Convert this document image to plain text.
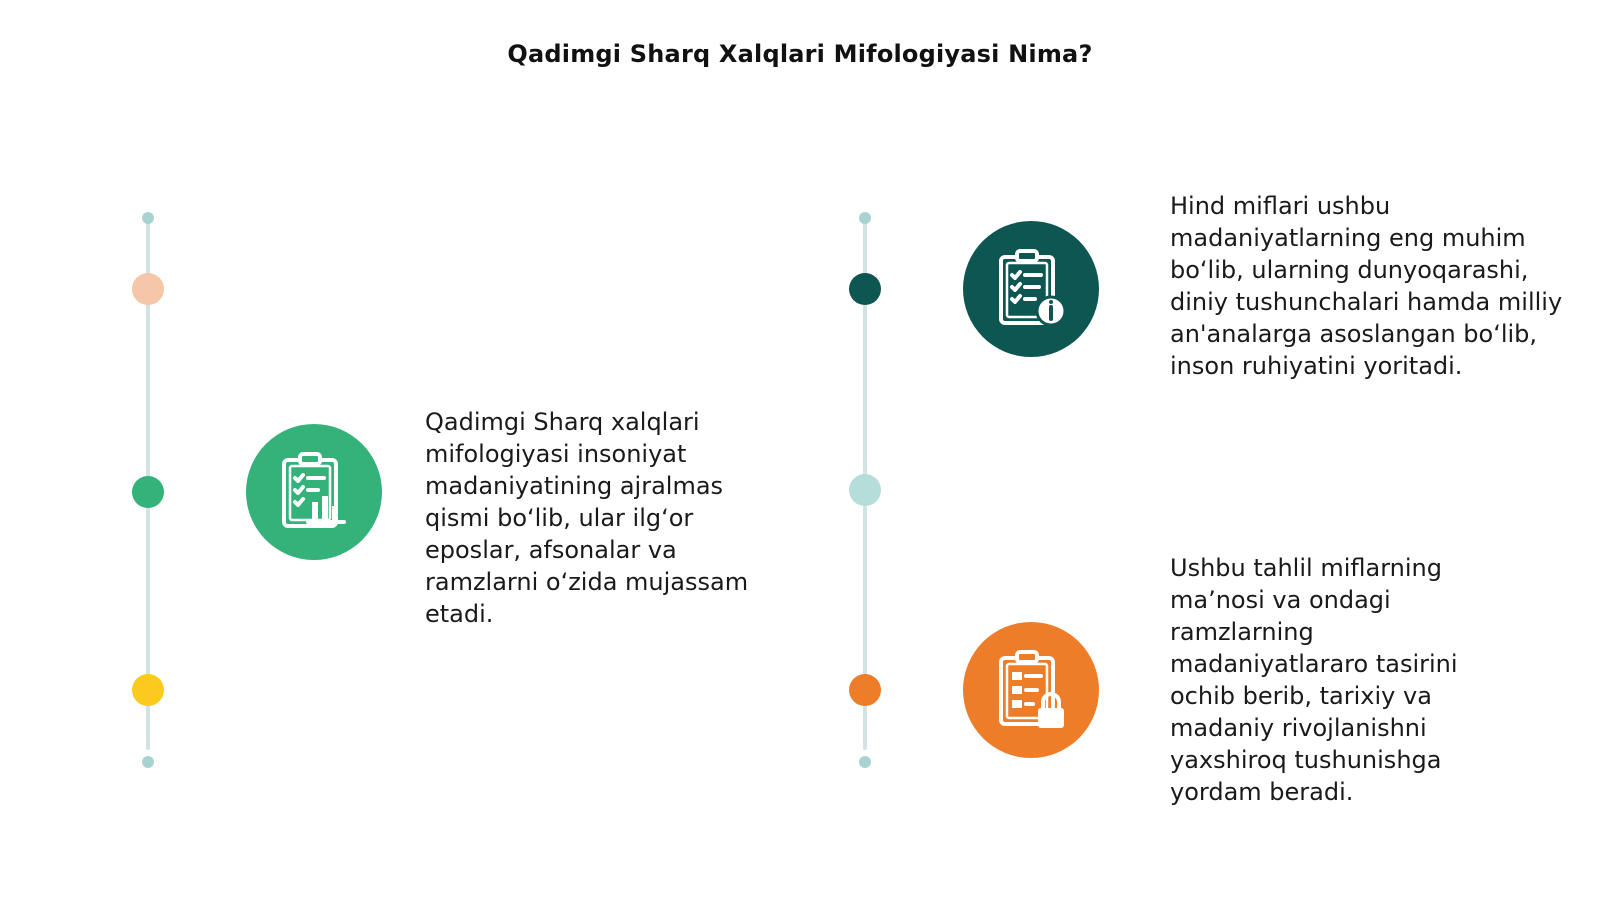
Qadimgi Sharq Xalqlari Mifologiyasi Nima?
Qadimgi Sharq xalqlari mifologiyasi insoniyat madaniyatining ajralmas qismi bo‘lib, ular ilg‘or eposlar, afsonalar va ramzlarni o‘zida mujassam etadi.
Hind miflari ushbu madaniyatlarning eng muhim bo‘lib, ularning dunyoqarashi, diniy tushunchalari hamda milliy an'analarga asoslangan bo‘lib, inson ruhiyatini yoritadi.
Ushbu tahlil miflarning ma’nosi va ondagi ramzlarning madaniyatlararo tasirini ochib berib, tarixiy va madaniy rivojlanishni yaxshiroq tushunishga yordam beradi.
